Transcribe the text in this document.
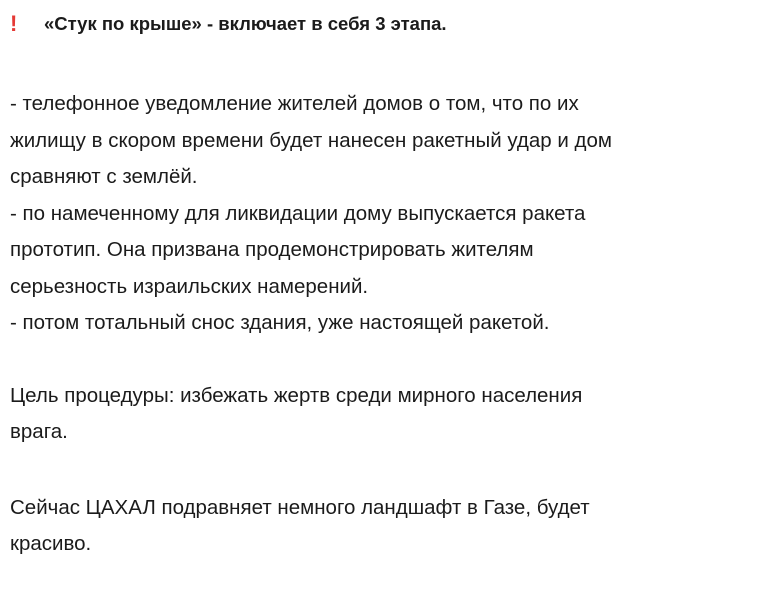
!	«Стук по крыше» - включает в себя 3 этапа.
- телефонное уведомление жителей домов о том, что по их
жилищу в скором времени будет нанесен ракетный удар и дом
сравняют с землёй.
- по намеченному для ликвидации дому выпускается ракета
прототип. Она призвана продемонстрировать жителям
серьезность израильских намерений.
- потом тотальный снос здания, уже настоящей ракетой.
Цель процедуры: избежать жертв среди мирного населения
врага.
Сейчас ЦАХАЛ подравняет немного ландшафт в Газе, будет
красиво.
